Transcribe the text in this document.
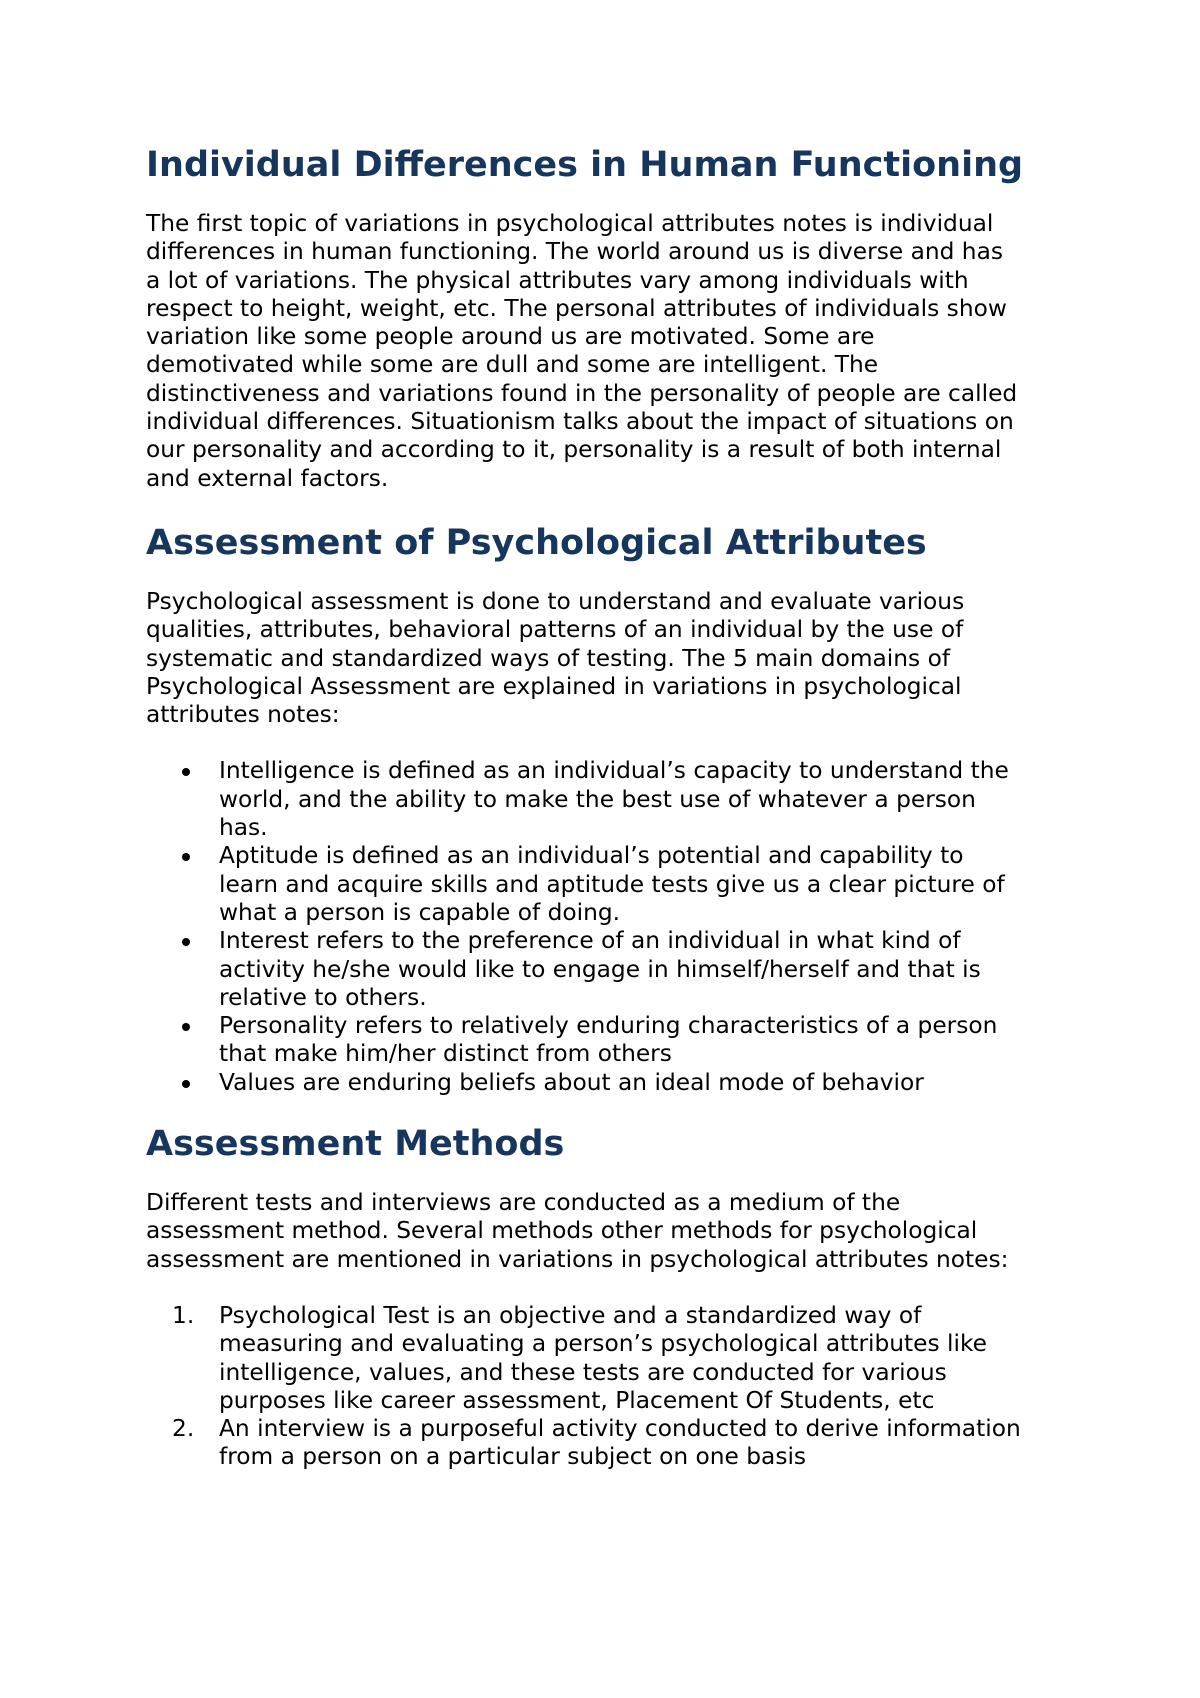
Individual Differences in Human Functioning

The first topic of variations in psychological attributes notes is individual
differences in human functioning. The world around us is diverse and has
a lot of variations. The physical attributes vary among individuals with
respect to height, weight, etc. The personal attributes of individuals show
variation like some people around us are motivated. Some are
demotivated while some are dull and some are intelligent. The
distinctiveness and variations found in the personality of people are called
individual differences. Situationism talks about the impact of situations on
our personality and according to it, personality is a result of both internal
and external factors.

Assessment of Psychological Attributes

Psychological assessment is done to understand and evaluate various
qualities, attributes, behavioral patterns of an individual by the use of
systematic and standardized ways of testing. The 5 main domains of
Psychological Assessment are explained in variations in psychological
attributes notes:

Intelligence is defined as an individual’s capacity to understand the
world, and the ability to make the best use of whatever a person
has.
Aptitude is defined as an individual’s potential and capability to
learn and acquire skills and aptitude tests give us a clear picture of
what a person is capable of doing.
Interest refers to the preference of an individual in what kind of
activity he/she would like to engage in himself/herself and that is
relative to others.
Personality refers to relatively enduring characteristics of a person
that make him/her distinct from others
Values are enduring beliefs about an ideal mode of behavior
Assessment Methods

Different tests and interviews are conducted as a medium of the
assessment method. Several methods other methods for psychological
assessment are mentioned in variations in psychological attributes notes:

1. Psychological Test is an objective and a standardized way of
measuring and evaluating a person’s psychological attributes like
intelligence, values, and these tests are conducted for various
purposes like career assessment, Placement Of Students, etc
2. An interview is a purposeful activity conducted to derive information
from a person on a particular subject on one basis
